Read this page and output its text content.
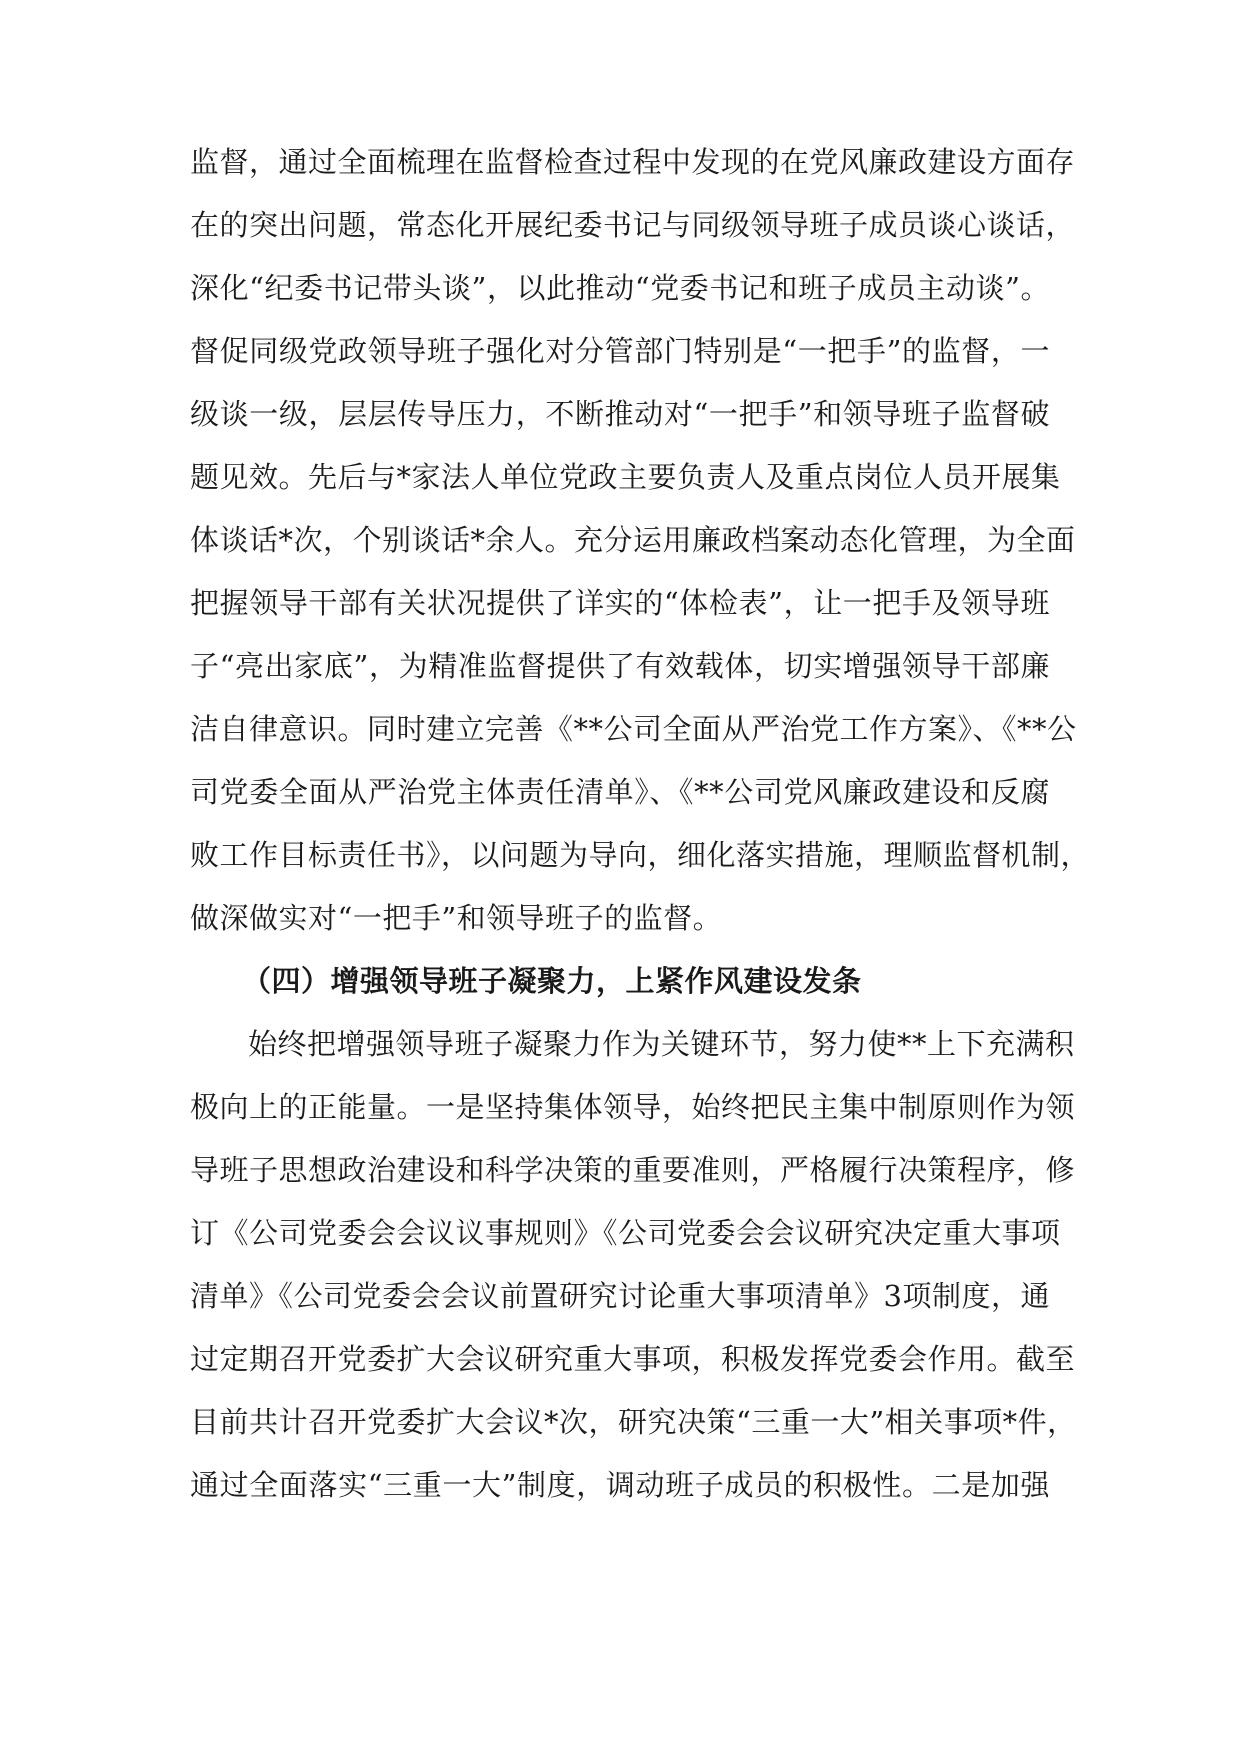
监督，通过全面梳理在监督检查过程中发现的在党风廉政建设方面存
在的突出问题，常态化开展纪委书记与同级领导班子成员谈心谈话，
深化“纪委书记带头谈”，以此推动“党委书记和班子成员主动谈”。
督促同级党政领导班子强化对分管部门特别是“一把手”的监督，一
级谈一级，层层传导压力，不断推动对“一把手”和领导班子监督破
题见效。先后与*家法人单位党政主要负责人及重点岗位人员开展集
体谈话*次，个别谈话*余人。充分运用廉政档案动态化管理，为全面
把握领导干部有关状况提供了详实的“体检表”，让一把手及领导班
子“亮出家底”，为精准监督提供了有效载体，切实增强领导干部廉
洁自律意识。同时建立完善《**公司全面从严治党工作方案》、《**公
司党委全面从严治党主体责任清单》、《**公司党风廉政建设和反腐
败工作目标责任书》，以问题为导向，细化落实措施，理顺监督机制，
做深做实对“一把手”和领导班子的监督。
（四）增强领导班子凝聚力，上紧作风建设发条
始终把增强领导班子凝聚力作为关键环节，努力使**上下充满积
极向上的正能量。一是坚持集体领导，始终把民主集中制原则作为领
导班子思想政治建设和科学决策的重要准则，严格履行决策程序，修
订《公司党委会会议议事规则》《公司党委会会议研究决定重大事项
清单》《公司党委会会议前置研究讨论重大事项清单》3项制度，通
过定期召开党委扩大会议研究重大事项，积极发挥党委会作用。截至
目前共计召开党委扩大会议*次，研究决策“三重一大”相关事项*件，
通过全面落实“三重一大”制度，调动班子成员的积极性。二是加强
